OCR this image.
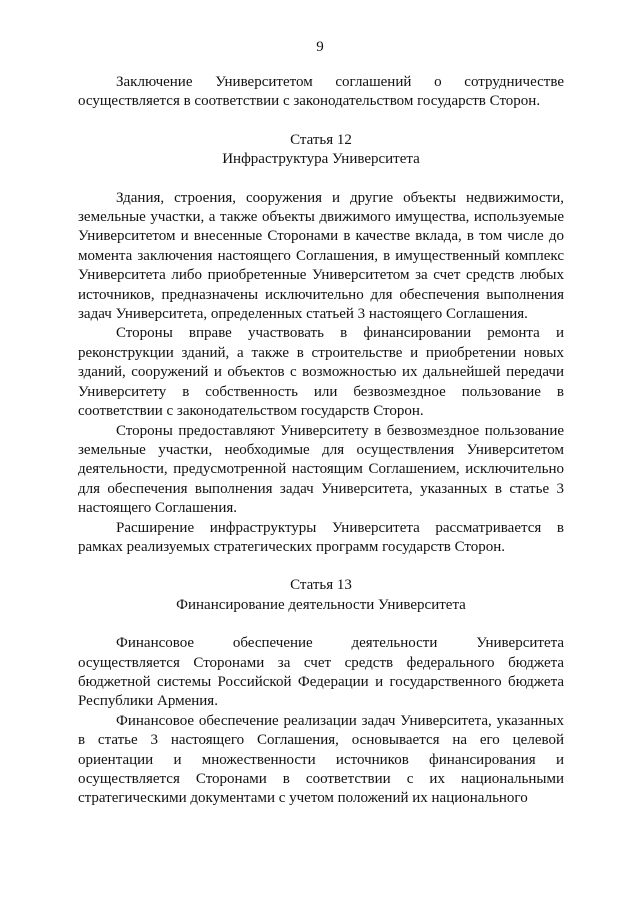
9

Заключение Университетом соглашений о сотрудничестве осуществляется в соответствии с законодательством государств Сторон.

Статья 12
Инфраструктура Университета

Здания, строения, сооружения и другие объекты недвижимости, земельные участки, а также объекты движимого имущества, используемые Университетом и внесенные Сторонами в качестве вклада, в том числе до момента заключения настоящего Соглашения, в имущественный комплекс Университета либо приобретенные Университетом за счет средств любых источников, предназначены исключительно для обеспечения выполнения задач Университета, определенных статьей 3 настоящего Соглашения.

Стороны вправе участвовать в финансировании ремонта и реконструкции зданий, а также в строительстве и приобретении новых зданий, сооружений и объектов с возможностью их дальнейшей передачи Университету в собственность или безвозмездное пользование в соответствии с законодательством государств Сторон.

Стороны предоставляют Университету в безвозмездное пользование земельные участки, необходимые для осуществления Университетом деятельности, предусмотренной настоящим Соглашением, исключительно для обеспечения выполнения задач Университета, указанных в статье 3 настоящего Соглашения.

Расширение инфраструктуры Университета рассматривается в рамках реализуемых стратегических программ государств Сторон.

Статья 13
Финансирование деятельности Университета

Финансовое обеспечение деятельности Университета осуществляется Сторонами за счет средств федерального бюджета бюджетной системы Российской Федерации и государственного бюджета Республики Армения.

Финансовое обеспечение реализации задач Университета, указанных в статье 3 настоящего Соглашения, основывается на его целевой ориентации и множественности источников финансирования и осуществляется Сторонами в соответствии с их национальными стратегическими документами с учетом положений их национального
